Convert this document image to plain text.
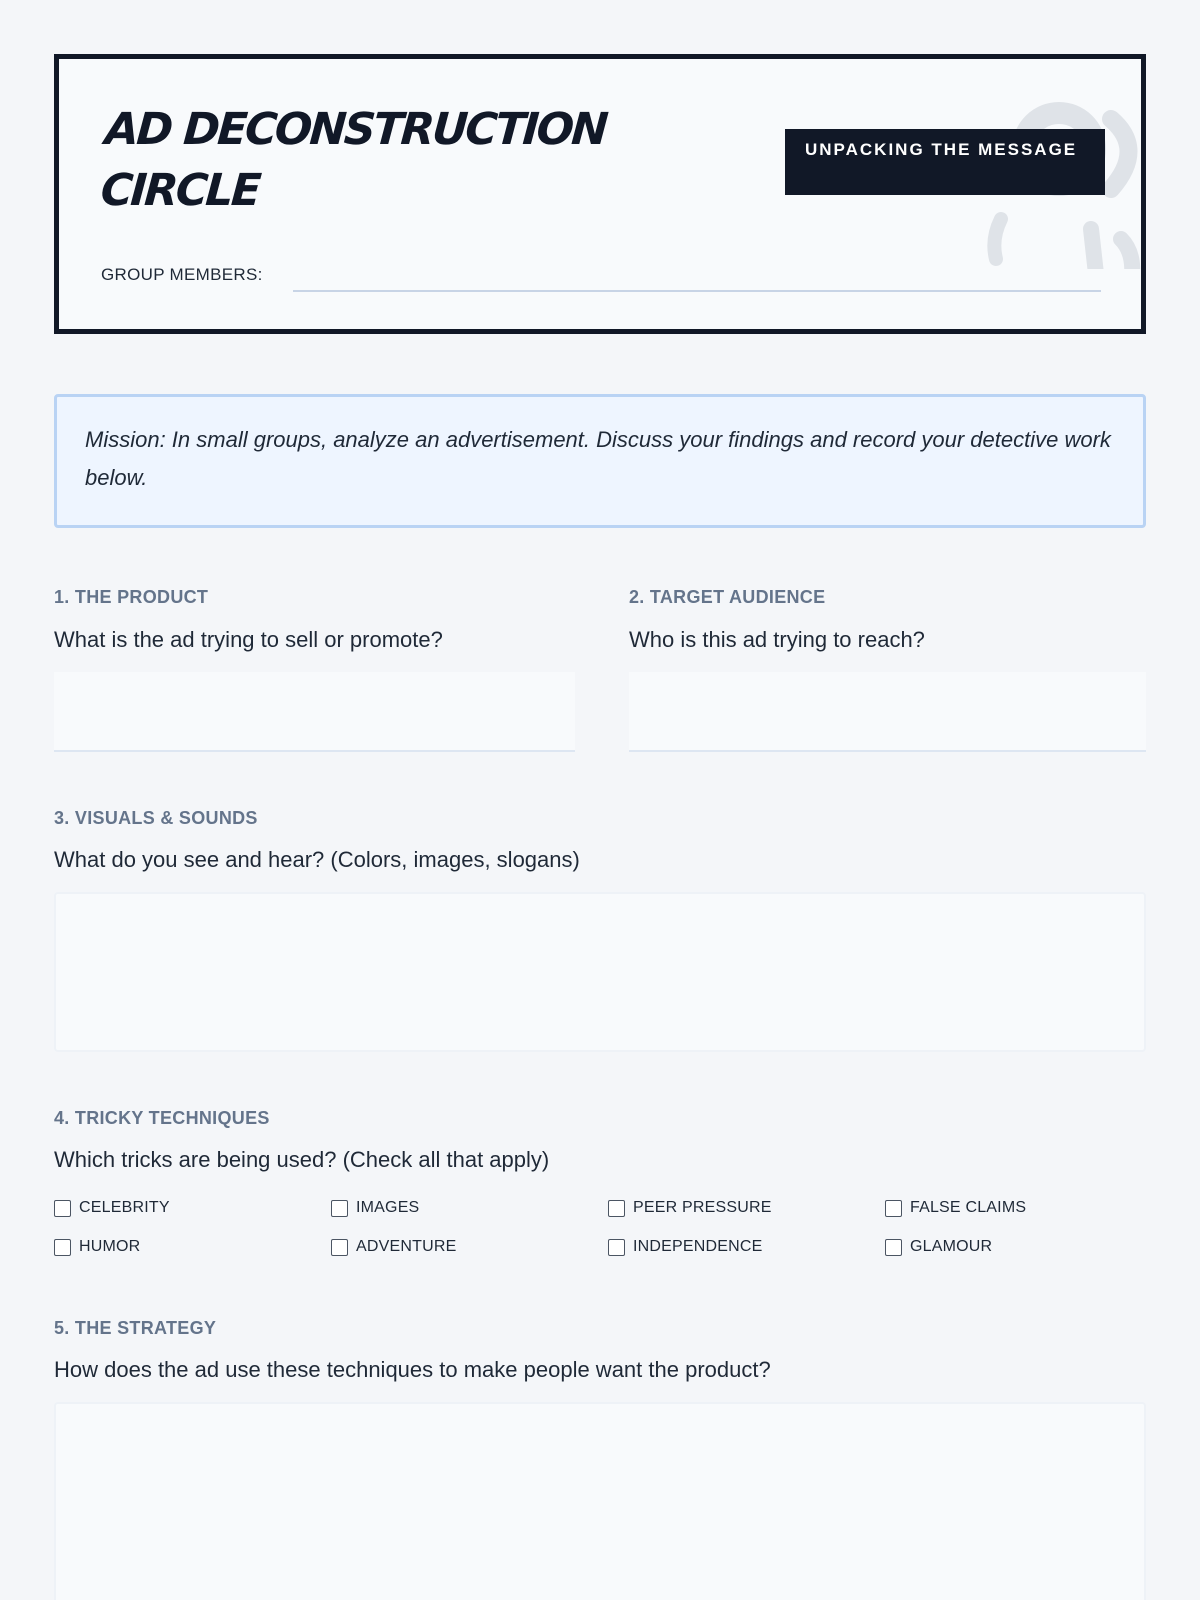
AD DECONSTRUCTION
CIRCLE
UNPACKING THE MESSAGE
GROUP MEMBERS:
Mission: In small groups, analyze an advertisement. Discuss your findings and record your detective work below.
1. THE PRODUCT
What is the ad trying to sell or promote?
2. TARGET AUDIENCE
Who is this ad trying to reach?
3. VISUALS & SOUNDS
What do you see and hear? (Colors, images, slogans)
4. TRICKY TECHNIQUES
Which tricks are being used? (Check all that apply)
CELEBRITY	IMAGES	PEER PRESSURE	FALSE CLAIMS
HUMOR	ADVENTURE	INDEPENDENCE	GLAMOUR
5. THE STRATEGY
How does the ad use these techniques to make people want the product?
